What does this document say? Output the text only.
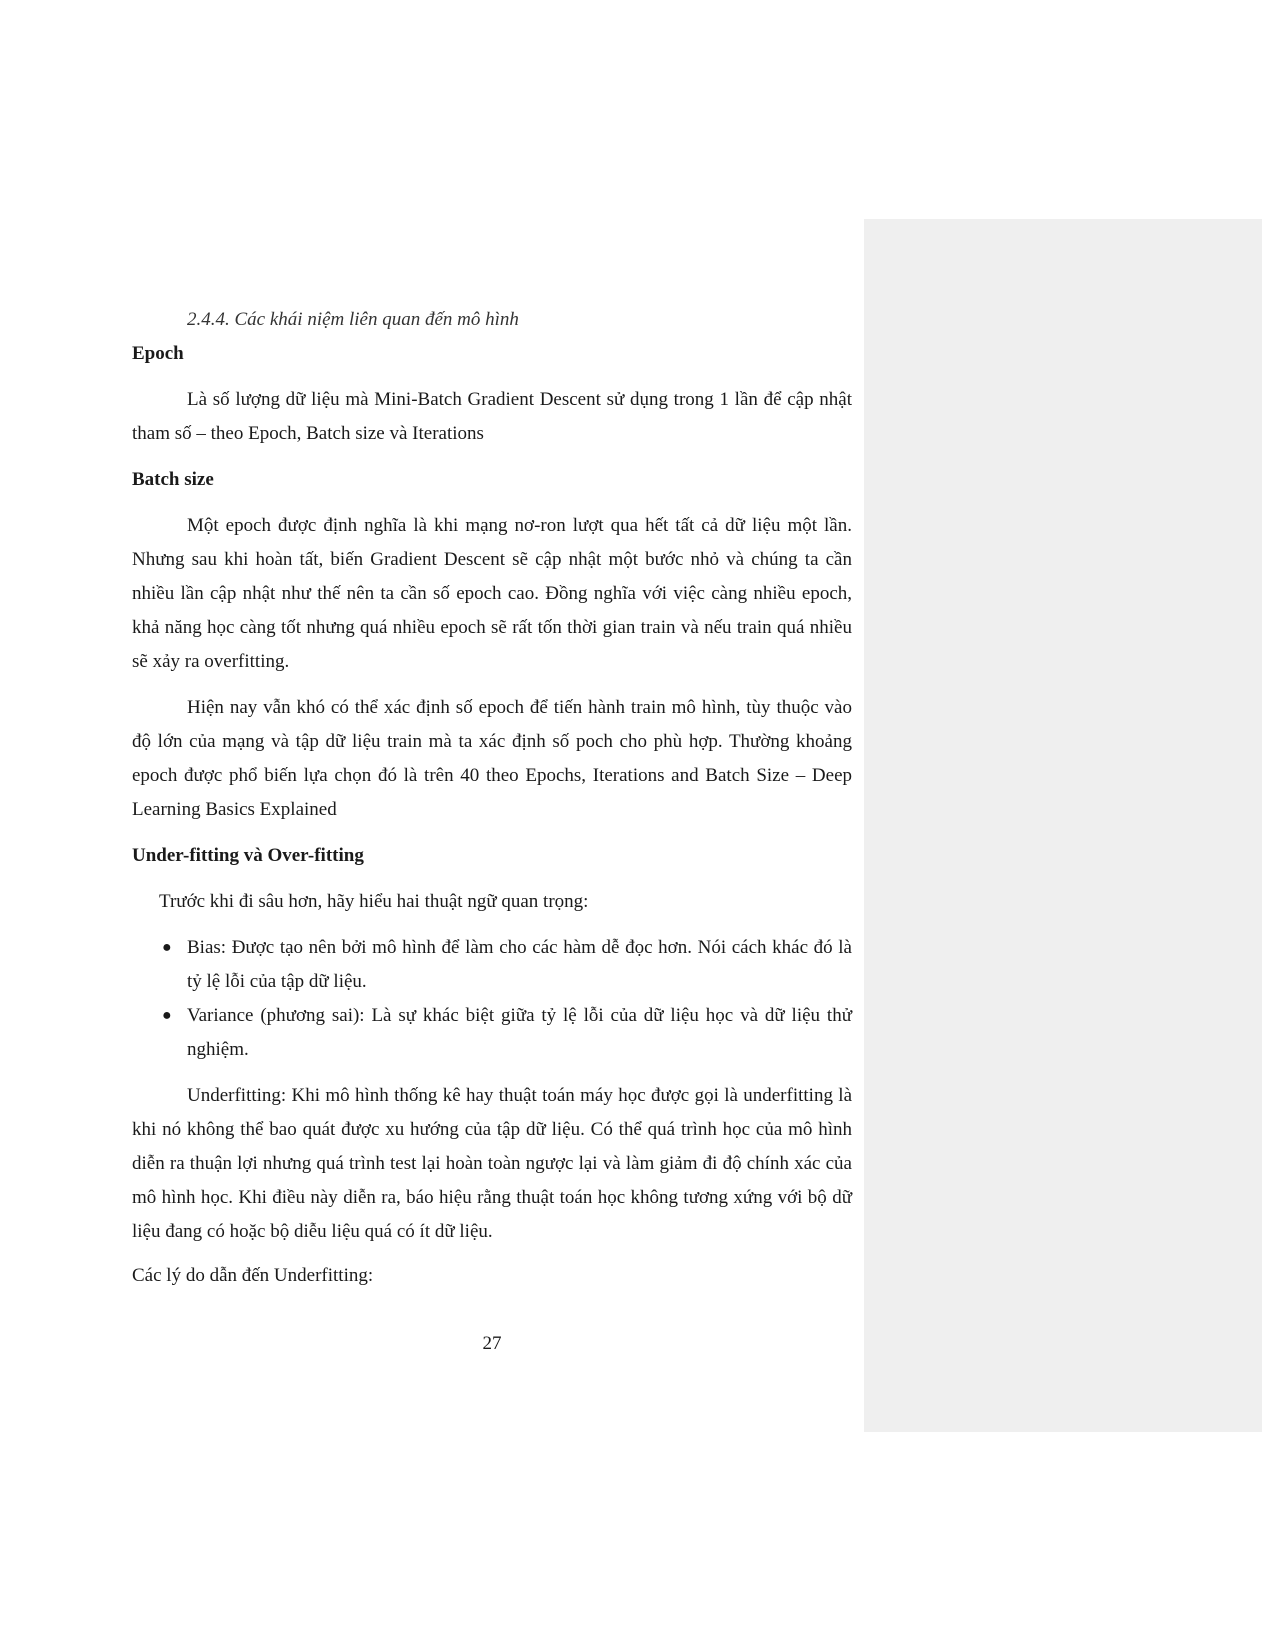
2.4.4. Các khái niệm liên quan đến mô hình

Epoch

Là số lượng dữ liệu mà Mini-Batch Gradient Descent sử dụng trong 1 lần để cập nhật tham số – theo Epoch, Batch size và Iterations

Batch size

Một epoch được định nghĩa là khi mạng nơ-ron lượt qua hết tất cả dữ liệu một lần. Nhưng sau khi hoàn tất, biến Gradient Descent sẽ cập nhật một bước nhỏ và chúng ta cần nhiều lần cập nhật như thế nên ta cần số epoch cao. Đồng nghĩa với việc càng nhiều epoch, khả năng học càng tốt nhưng quá nhiều epoch sẽ rất tốn thời gian train và nếu train quá nhiều sẽ xảy ra overfitting.

Hiện nay vẫn khó có thể xác định số epoch để tiến hành train mô hình, tùy thuộc vào độ lớn của mạng và tập dữ liệu train mà ta xác định số poch cho phù hợp. Thường khoảng epoch được phổ biến lựa chọn đó là trên 40 theo Epochs, Iterations and Batch Size – Deep Learning Basics Explained

Under-fitting và Over-fitting

Trước khi đi sâu hơn, hãy hiểu hai thuật ngữ quan trọng:

● Bias: Được tạo nên bởi mô hình để làm cho các hàm dễ đọc hơn. Nói cách khác đó là tỷ lệ lỗi của tập dữ liệu.
● Variance (phương sai): Là sự khác biệt giữa tỷ lệ lỗi của dữ liệu học và dữ liệu thử nghiệm.

Underfitting: Khi mô hình thống kê hay thuật toán máy học được gọi là underfitting là khi nó không thể bao quát được xu hướng của tập dữ liệu. Có thể quá trình học của mô hình diễn ra thuận lợi nhưng quá trình test lại hoàn toàn ngược lại và làm giảm đi độ chính xác của mô hình học. Khi điều này diễn ra, báo hiệu rằng thuật toán học không tương xứng với bộ dữ liệu đang có hoặc bộ diễu liệu quá có ít dữ liệu.

Các lý do dẫn đến Underfitting:

27
